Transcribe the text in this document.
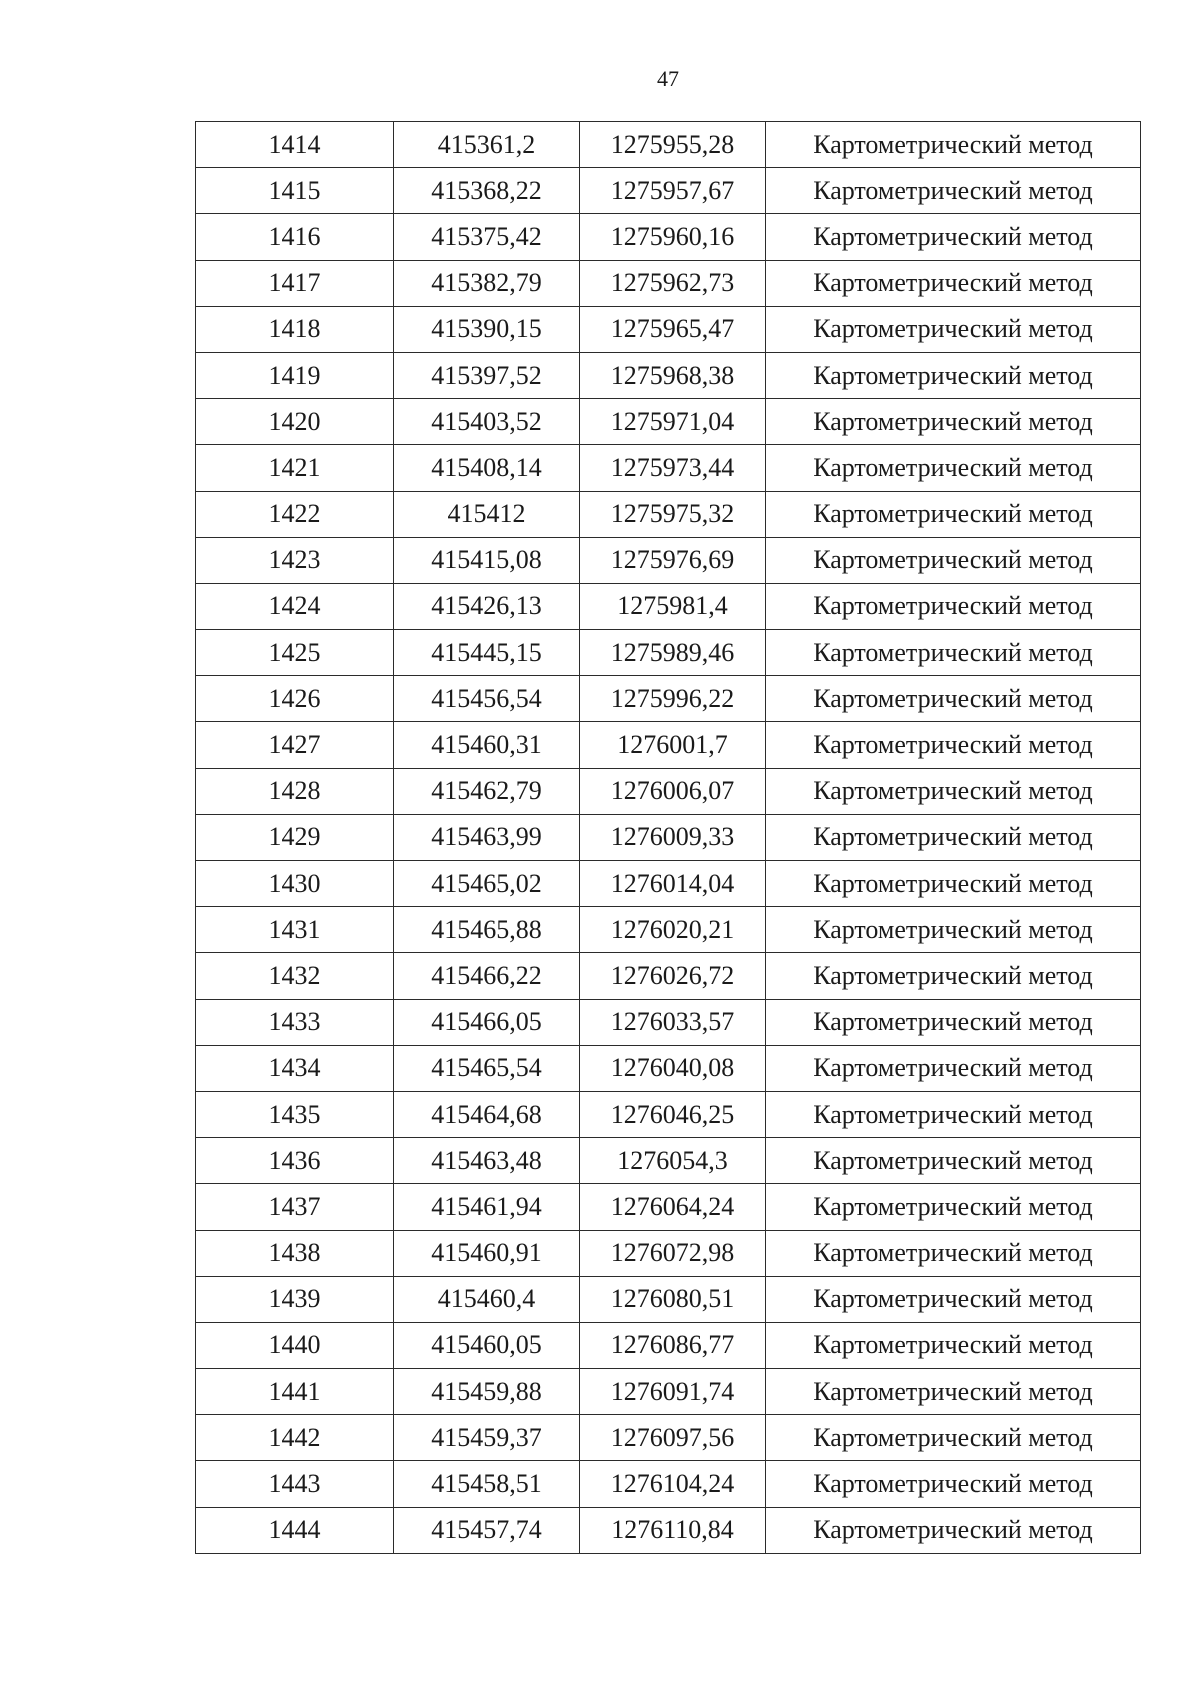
47
1414	415361,2	1275955,28	Картометрический метод
1415	415368,22	1275957,67	Картометрический метод
1416	415375,42	1275960,16	Картометрический метод
1417	415382,79	1275962,73	Картометрический метод
1418	415390,15	1275965,47	Картометрический метод
1419	415397,52	1275968,38	Картометрический метод
1420	415403,52	1275971,04	Картометрический метод
1421	415408,14	1275973,44	Картометрический метод
1422	415412	1275975,32	Картометрический метод
1423	415415,08	1275976,69	Картометрический метод
1424	415426,13	1275981,4	Картометрический метод
1425	415445,15	1275989,46	Картометрический метод
1426	415456,54	1275996,22	Картометрический метод
1427	415460,31	1276001,7	Картометрический метод
1428	415462,79	1276006,07	Картометрический метод
1429	415463,99	1276009,33	Картометрический метод
1430	415465,02	1276014,04	Картометрический метод
1431	415465,88	1276020,21	Картометрический метод
1432	415466,22	1276026,72	Картометрический метод
1433	415466,05	1276033,57	Картометрический метод
1434	415465,54	1276040,08	Картометрический метод
1435	415464,68	1276046,25	Картометрический метод
1436	415463,48	1276054,3	Картометрический метод
1437	415461,94	1276064,24	Картометрический метод
1438	415460,91	1276072,98	Картометрический метод
1439	415460,4	1276080,51	Картометрический метод
1440	415460,05	1276086,77	Картометрический метод
1441	415459,88	1276091,74	Картометрический метод
1442	415459,37	1276097,56	Картометрический метод
1443	415458,51	1276104,24	Картометрический метод
1444	415457,74	1276110,84	Картометрический метод
